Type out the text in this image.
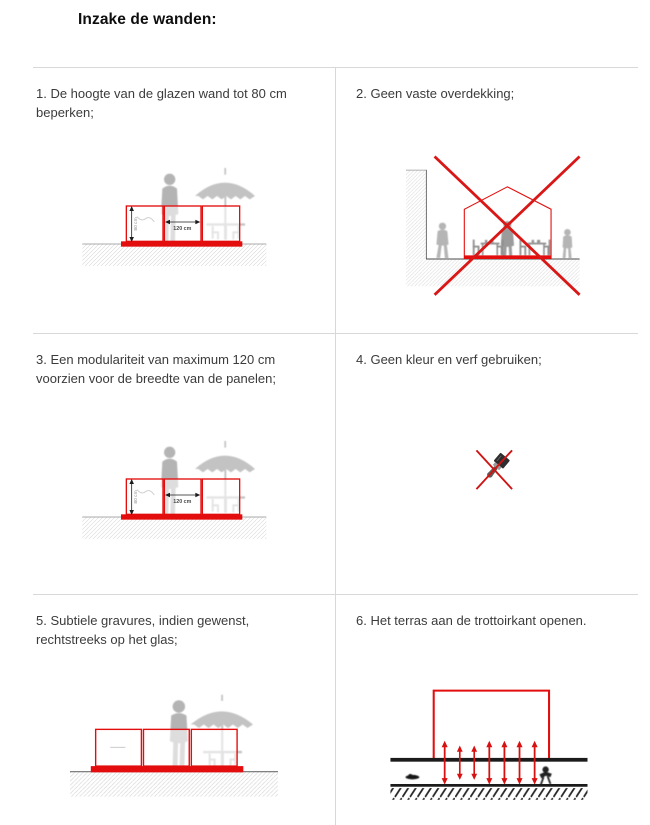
Inzake de wanden:

1. De hoogte van de glazen wand tot 80 cm beperken;

80 cm	120 cm

2. Geen vaste overdekking;

3. Een modulariteit van maximum 120 cm voorzien voor de breedte van de panelen;

80 cm	120 cm

4. Geen kleur en verf gebruiken;

5. Subtiele gravures, indien gewenst, rechtstreeks op het glas;

6. Het terras aan de trottoirkant openen.
